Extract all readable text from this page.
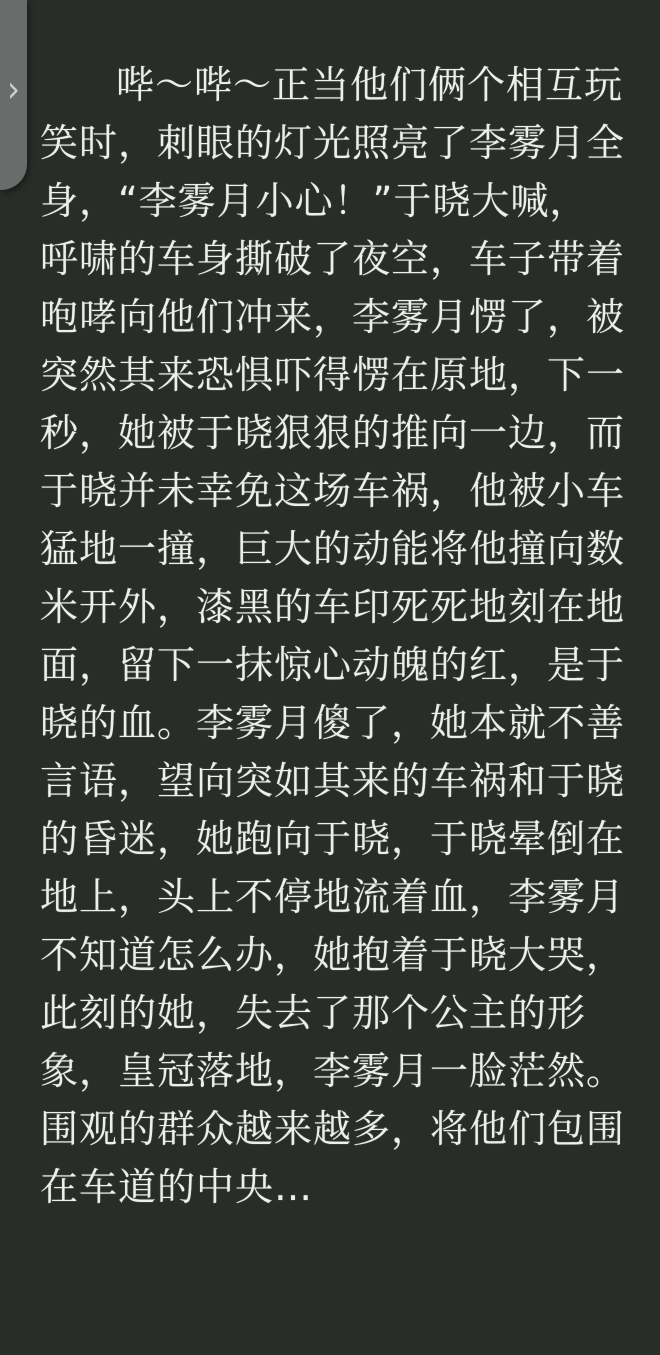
哔～哔～正当他们俩个相互玩
笑时，刺眼的灯光照亮了李雾月全
身，“李雾月小心！”于晓大喊，
呼啸的车身撕破了夜空，车子带着
咆哮向他们冲来，李雾月愣了，被
突然其来恐惧吓得愣在原地，下一
秒，她被于晓狠狠的推向一边，而
于晓并未幸免这场车祸，他被小车
猛地一撞，巨大的动能将他撞向数
米开外，漆黑的车印死死地刻在地
面，留下一抹惊心动魄的红，是于
晓的血。李雾月傻了，她本就不善
言语，望向突如其来的车祸和于晓
的昏迷，她跑向于晓，于晓晕倒在
地上，头上不停地流着血，李雾月
不知道怎么办，她抱着于晓大哭，
此刻的她，失去了那个公主的形
象，皇冠落地，李雾月一脸茫然。
围观的群众越来越多，将他们包围
在车道的中央…
›
